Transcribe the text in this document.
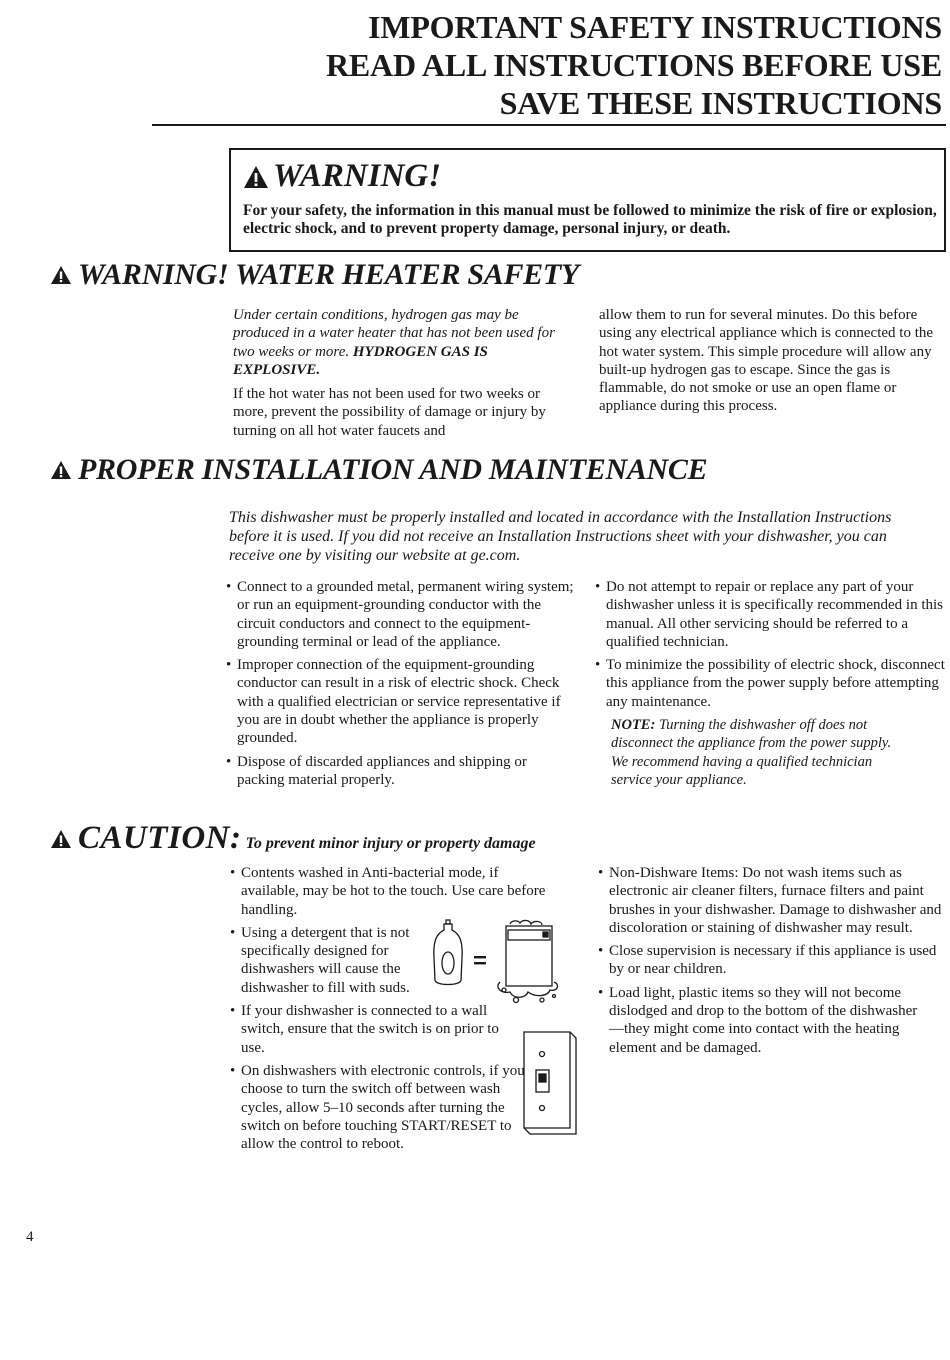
IMPORTANT SAFETY INSTRUCTIONS
READ ALL INSTRUCTIONS BEFORE USE
SAVE THESE INSTRUCTIONS
WARNING!
For your safety, the information in this manual must be followed to minimize the risk of fire or explosion, electric shock, and to prevent property damage, personal injury, or death.
WARNING! WATER HEATER SAFETY
Under certain conditions, hydrogen gas may be produced in a water heater that has not been used for two weeks or more. HYDROGEN GAS IS EXPLOSIVE.
If the hot water has not been used for two weeks or more, prevent the possibility of damage or injury by turning on all hot water faucets and
allow them to run for several minutes. Do this before using any electrical appliance which is connected to the hot water system. This simple procedure will allow any built-up hydrogen gas to escape. Since the gas is flammable, do not smoke or use an open flame or appliance during this process.
PROPER INSTALLATION AND MAINTENANCE
This dishwasher must be properly installed and located in accordance with the Installation Instructions before it is used. If you did not receive an Installation Instructions sheet with your dishwasher, you can receive one by visiting our website at ge.com.
• Connect to a grounded metal, permanent wiring system; or run an equipment-grounding conductor with the circuit conductors and connect to the equipment-grounding terminal or lead of the appliance.
• Improper connection of the equipment-grounding conductor can result in a risk of electric shock. Check with a qualified electrician or service representative if you are in doubt whether the appliance is properly grounded.
• Dispose of discarded appliances and shipping or packing material properly.
• Do not attempt to repair or replace any part of your dishwasher unless it is specifically recommended in this manual. All other servicing should be referred to a qualified technician.
• To minimize the possibility of electric shock, disconnect this appliance from the power supply before attempting any maintenance.
NOTE: Turning the dishwasher off does not disconnect the appliance from the power supply. We recommend having a qualified technician service your appliance.
CAUTION: To prevent minor injury or property damage
• Contents washed in Anti-bacterial mode, if available, may be hot to the touch. Use care before handling.
• Using a detergent that is not specifically designed for dishwashers will cause the dishwasher to fill with suds.
• If your dishwasher is connected to a wall switch, ensure that the switch is on prior to use.
• On dishwashers with electronic controls, if you choose to turn the switch off between wash cycles, allow 5–10 seconds after turning the switch on before touching START/RESET to allow the control to reboot.
• Non-Dishware Items: Do not wash items such as electronic air cleaner filters, furnace filters and paint brushes in your dishwasher. Damage to dishwasher and discoloration or staining of dishwasher may result.
• Close supervision is necessary if this appliance is used by or near children.
• Load light, plastic items so they will not become dislodged and drop to the bottom of the dishwasher—they might come into contact with the heating element and be damaged.
4
